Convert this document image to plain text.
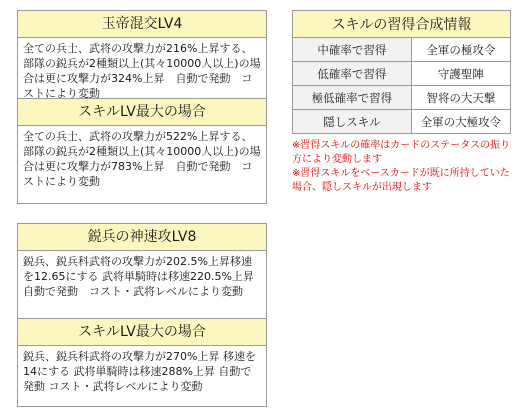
玉帝混交LV4
全ての兵士、武将の攻撃力が216%上昇する、部隊の鋭兵が2種類以上(其々10000人以上)の場合は更に攻撃力が324%上昇　自動で発動　コストにより変動
スキルLV最大の場合
全ての兵士、武将の攻撃力が522%上昇する、部隊の鋭兵が2種類以上(其々10000人以上)の場合は更に攻撃力が783%上昇　自動で発動　コストにより変動
鋭兵の神速攻LV8
鋭兵、鋭兵科武将の攻撃力が202.5%上昇移速を12.65にする 武将単騎時は移速220.5%上昇　自動で発動　コスト・武将レベルにより変動
スキルLV最大の場合
鋭兵、鋭兵科武将の攻撃力が270%上昇 移速を14にする 武将単騎時は移速288%上昇 自動で発動 コスト・武将レベルにより変動
スキルの習得合成情報	
中確率で習得	全軍の極攻令
低確率で習得	守護聖陣
極低確率で習得	智将の大天撃
隠しスキル	全軍の大極攻令
※習得スキルの確率はカードのステータスの振り方により変動します
※習得スキルをベースカードが既に所持していた場合、隠しスキルが出現します
